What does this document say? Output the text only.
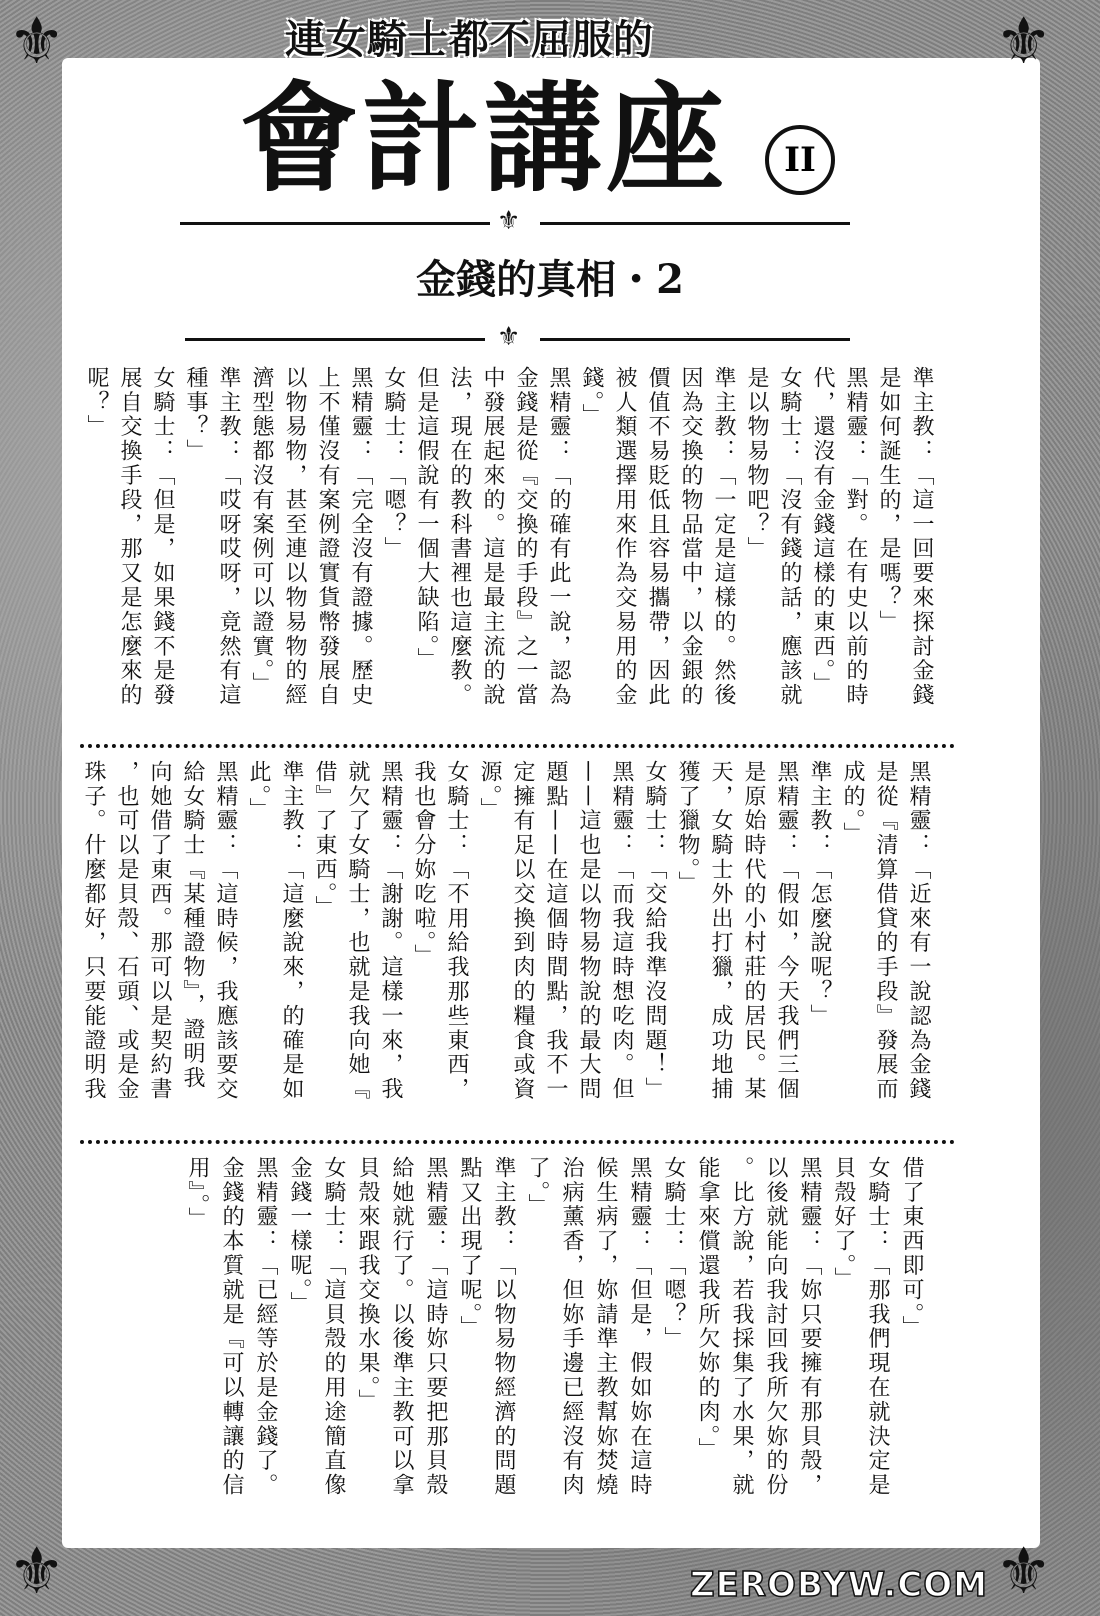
⚜	⚜
⚜	⚜
連女騎士都不屈服的
會計講座	II
⚜
金錢的真相・2
⚜
準主教：「這一回要來探討金錢
是如何誕生的，是嗎？」
黑精靈：「對。在有史以前的時
代，還沒有金錢這樣的東西。」
女騎士：「沒有錢的話，應該就
是以物易物吧？」
準主教：「一定是這樣的。然後
因為交換的物品當中，以金銀的
價值不易貶低且容易攜帶，因此
被人類選擇用來作為交易用的金
錢。」
黑精靈：「的確有此一說，認為
金錢是從『交換的手段』之一當
中發展起來的。這是最主流的說
法，現在的教科書裡也這麼教。
但是這假說有一個大缺陷。」
女騎士：「嗯？」
黑精靈：「完全沒有證據。歷史
上不僅沒有案例證實貨幣發展自
以物易物，甚至連以物易物的經
濟型態都沒有案例可以證實。」
準主教：「哎呀哎呀，竟然有這
種事？」
女騎士：「但是，如果錢不是發
展自交換手段，那又是怎麼來的
呢？」
黑精靈：「近來有一說認為金錢
是從『清算借貸的手段』發展而
成的。」
準主教：「怎麼說呢？」
黑精靈：「假如，今天我們三個
是原始時代的小村莊的居民。某
天，女騎士外出打獵，成功地捕
獲了獵物。」
女騎士：「交給我準沒問題！」
黑精靈：「而我這時想吃肉。但
——這也是以物易物說的最大問
題點——在這個時間點，我不一
定擁有足以交換到肉的糧食或資
源。」
女騎士：「不用給我那些東西，
我也會分妳吃啦。」
黑精靈：「謝謝。這樣一來，我
就欠了女騎士，也就是我向她『
借』了東西。」
準主教：「這麼說來，的確是如
此。」
黑精靈：「這時候，我應該要交
給女騎士『某種證物』，證明我
向她借了東西。那可以是契約書
，也可以是貝殼、石頭、或是金
珠子。什麼都好，只要能證明我
借了東西即可。」
女騎士：「那我們現在就決定是
貝殼好了。」
黑精靈：「妳只要擁有那貝殼，
以後就能向我討回我所欠妳的份
。比方說，若我採集了水果，就
能拿來償還我所欠妳的肉。」
女騎士：「嗯？」
黑精靈：「但是，假如妳在這時
候生病了，妳請準主教幫妳焚燒
治病薰香，但妳手邊已經沒有肉
了。」
準主教：「以物易物經濟的問題
點又出現了呢。」
黑精靈：「這時妳只要把那貝殼
給她就行了。以後準主教可以拿
貝殼來跟我交換水果。」
女騎士：「這貝殼的用途簡直像
金錢一樣呢。」
黑精靈：「已經等於是金錢了。
金錢的本質就是『可以轉讓的信
用』。」
ZEROBYW.COM
